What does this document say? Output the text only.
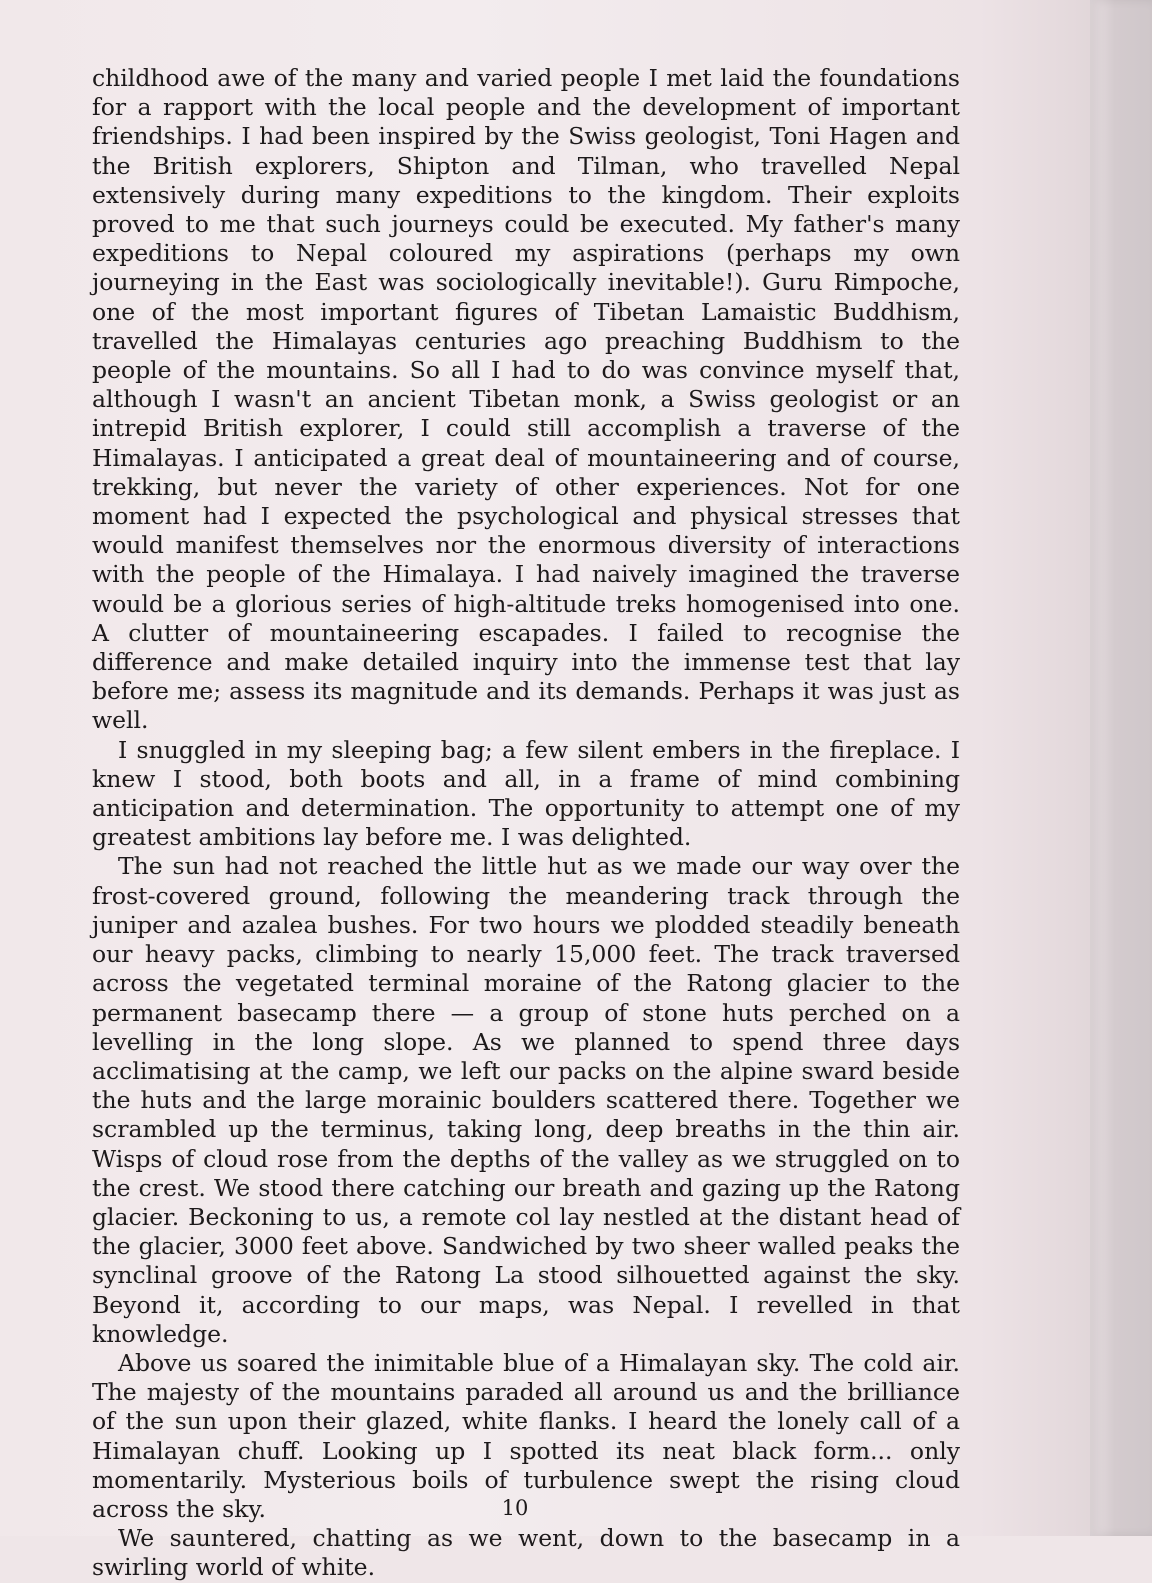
childhood awe of the many and varied people I met laid the foundations for a rapport with the local people and the development of important friendships. I had been inspired by the Swiss geologist, Toni Hagen and the British explorers, Shipton and Tilman, who travelled Nepal extensively during many expeditions to the kingdom. Their exploits proved to me that such journeys could be executed. My father's many expeditions to Nepal coloured my aspirations (perhaps my own journeying in the East was sociologically inevitable!). Guru Rimpoche, one of the most important figures of Tibetan Lamaistic Buddhism, travelled the Himalayas centuries ago preaching Buddhism to the people of the mountains. So all I had to do was convince myself that, although I wasn't an ancient Tibetan monk, a Swiss geologist or an intrepid British explorer, I could still accomplish a traverse of the Himalayas. I anticipated a great deal of mountaineering and of course, trekking, but never the variety of other experiences. Not for one moment had I expected the psychological and physical stresses that would manifest themselves nor the enormous diversity of interactions with the people of the Himalaya. I had naively imagined the traverse would be a glorious series of high-altitude treks homogenised into one. A clutter of mountaineering escapades. I failed to recognise the difference and make detailed inquiry into the immense test that lay before me; assess its magnitude and its demands. Perhaps it was just as well.

I snuggled in my sleeping bag; a few silent embers in the fireplace. I knew I stood, both boots and all, in a frame of mind combining anticipation and determination. The opportunity to attempt one of my greatest ambitions lay before me. I was delighted.

The sun had not reached the little hut as we made our way over the frost-covered ground, following the meandering track through the juniper and azalea bushes. For two hours we plodded steadily beneath our heavy packs, climbing to nearly 15,000 feet. The track traversed across the vegetated terminal moraine of the Ratong glacier to the permanent basecamp there — a group of stone huts perched on a levelling in the long slope. As we planned to spend three days acclimatising at the camp, we left our packs on the alpine sward beside the huts and the large morainic boulders scattered there. Together we scrambled up the terminus, taking long, deep breaths in the thin air. Wisps of cloud rose from the depths of the valley as we struggled on to the crest. We stood there catching our breath and gazing up the Ratong glacier. Beckoning to us, a remote col lay nestled at the distant head of the glacier, 3000 feet above. Sandwiched by two sheer walled peaks the synclinal groove of the Ratong La stood silhouetted against the sky. Beyond it, according to our maps, was Nepal. I revelled in that knowledge.

Above us soared the inimitable blue of a Himalayan sky. The cold air. The majesty of the mountains paraded all around us and the brilliance of the sun upon their glazed, white flanks. I heard the lonely call of a Himalayan chuff. Looking up I spotted its neat black form... only momentarily. Mysterious boils of turbulence swept the rising cloud across the sky.

We sauntered, chatting as we went, down to the basecamp in a swirling world of white.

10
